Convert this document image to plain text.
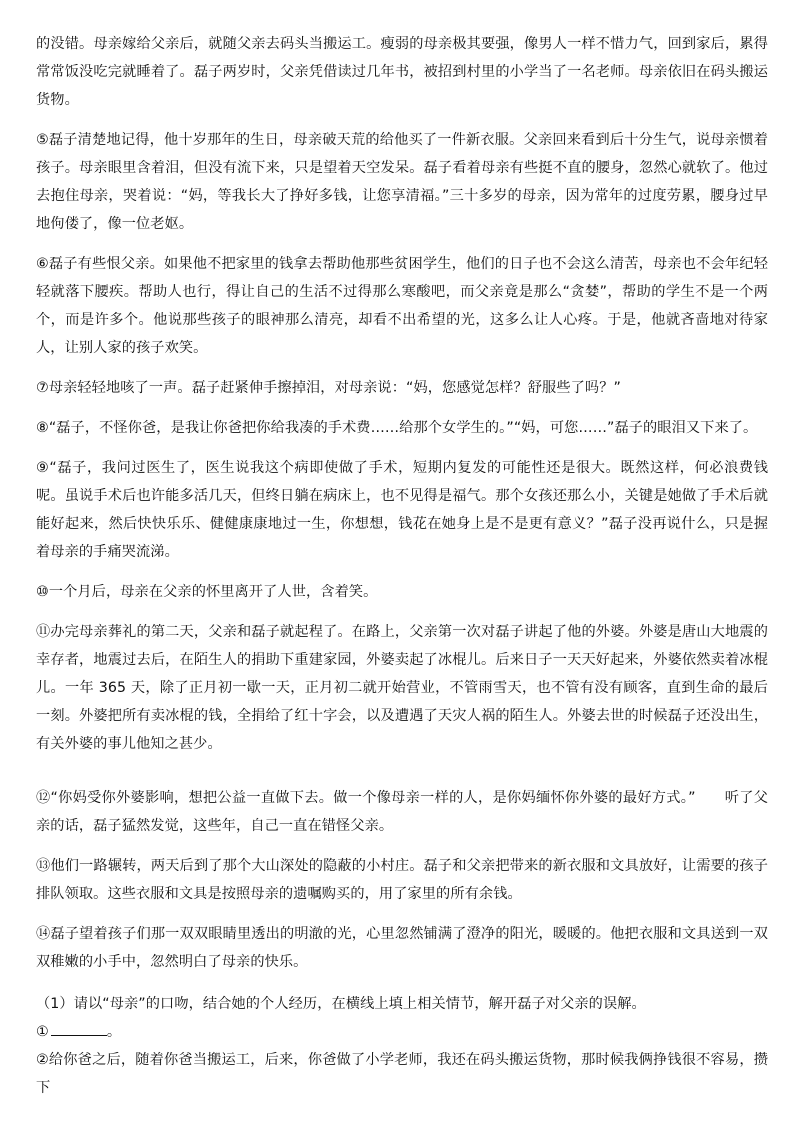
的没错。母亲嫁给父亲后，就随父亲去码头当搬运工。瘦弱的母亲极其要强，像男人一样不惜力气，回到家后，累得常常饭没吃完就睡着了。磊子两岁时，父亲凭借读过几年书，被招到村里的小学当了一名老师。母亲依旧在码头搬运货物。

⑤磊子清楚地记得，他十岁那年的生日，母亲破天荒的给他买了一件新衣服。父亲回来看到后十分生气，说母亲惯着孩子。母亲眼里含着泪，但没有流下来，只是望着天空发呆。磊子看着母亲有些挺不直的腰身，忽然心就软了。他过去抱住母亲，哭着说：“妈，等我长大了挣好多钱，让您享清福。”三十多岁的母亲，因为常年的过度劳累，腰身过早地佝偻了，像一位老妪。

⑥磊子有些恨父亲。如果他不把家里的钱拿去帮助他那些贫困学生，他们的日子也不会这么清苦，母亲也不会年纪轻轻就落下腰疾。帮助人也行，得让自己的生活不过得那么寒酸吧，而父亲竟是那么“贪婪”，帮助的学生不是一个两个，而是许多个。他说那些孩子的眼神那么清亮，却看不出希望的光，这多么让人心疼。于是，他就吝啬地对待家人，让别人家的孩子欢笑。

⑦母亲轻轻地咳了一声。磊子赶紧伸手擦掉泪，对母亲说：“妈，您感觉怎样？舒服些了吗？”

⑧“磊子，不怪你爸，是我让你爸把你给我凑的手术费……给那个女学生的。”“妈，可您……”磊子的眼泪又下来了。

⑨“磊子，我问过医生了，医生说我这个病即使做了手术，短期内复发的可能性还是很大。既然这样，何必浪费钱呢。虽说手术后也许能多活几天，但终日躺在病床上，也不见得是福气。那个女孩还那么小，关键是她做了手术后就能好起来，然后快快乐乐、健健康康地过一生，你想想，钱花在她身上是不是更有意义？”磊子没再说什么，只是握着母亲的手痛哭流涕。

⑩一个月后，母亲在父亲的怀里离开了人世，含着笑。

⑪办完母亲葬礼的第二天，父亲和磊子就起程了。在路上，父亲第一次对磊子讲起了他的外婆。外婆是唐山大地震的幸存者，地震过去后，在陌生人的捐助下重建家园，外婆卖起了冰棍儿。后来日子一天天好起来，外婆依然卖着冰棍儿。一年 365 天，除了正月初一歇一天，正月初二就开始营业，不管雨雪天，也不管有没有顾客，直到生命的最后一刻。外婆把所有卖冰棍的钱，全捐给了红十字会，以及遭遇了天灾人祸的陌生人。外婆去世的时候磊子还没出生，有关外婆的事儿他知之甚少。

⑫“你妈受你外婆影响，想把公益一直做下去。做一个像母亲一样的人，是你妈缅怀你外婆的最好方式。”　　听了父亲的话，磊子猛然发觉，这些年，自己一直在错怪父亲。

⑬他们一路辗转，两天后到了那个大山深处的隐蔽的小村庄。磊子和父亲把带来的新衣服和文具放好，让需要的孩子排队领取。这些衣服和文具是按照母亲的遗嘱购买的，用了家里的所有余钱。

⑭磊子望着孩子们那一双双眼睛里透出的明澈的光，心里忽然铺满了澄净的阳光，暖暖的。他把衣服和文具送到一双双稚嫩的小手中，忽然明白了母亲的快乐。

（1）请以“母亲”的口吻，结合她的个人经历，在横线上填上相关情节，解开磊子对父亲的误解。

①	。

②给你爸之后，随着你爸当搬运工，后来，你爸做了小学老师，我还在码头搬运货物，那时候我俩挣钱很不容易，攒下
